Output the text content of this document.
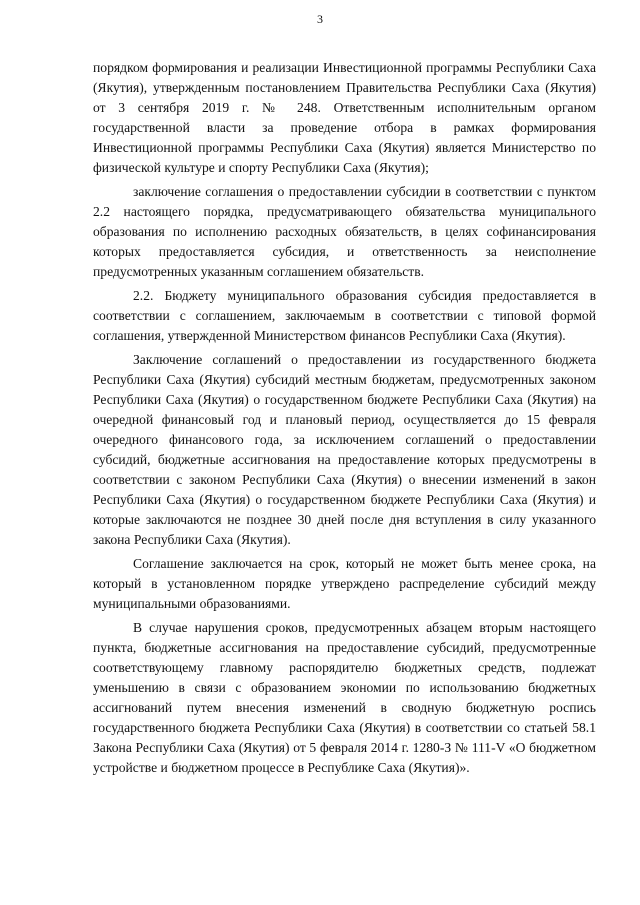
3

порядком формирования и реализации Инвестиционной программы Республики Саха (Якутия), утвержденным постановлением Правительства Республики Саха (Якутия) от 3 сентября 2019 г. № 248. Ответственным исполнительным органом государственной власти за проведение отбора в рамках формирования Инвестиционной программы Республики Саха (Якутия) является Министерство по физической культуре и спорту Республики Саха (Якутия);

заключение соглашения о предоставлении субсидии в соответствии с пунктом 2.2 настоящего порядка, предусматривающего обязательства муниципального образования по исполнению расходных обязательств, в целях софинансирования которых предоставляется субсидия, и ответственность за неисполнение предусмотренных указанным соглашением обязательств.

2.2. Бюджету муниципального образования субсидия предоставляется в соответствии с соглашением, заключаемым в соответствии с типовой формой соглашения, утвержденной Министерством финансов Республики Саха (Якутия).

Заключение соглашений о предоставлении из государственного бюджета Республики Саха (Якутия) субсидий местным бюджетам, предусмотренных законом Республики Саха (Якутия) о государственном бюджете Республики Саха (Якутия) на очередной финансовый год и плановый период, осуществляется до 15 февраля очередного финансового года, за исключением соглашений о предоставлении субсидий, бюджетные ассигнования на предоставление которых предусмотрены в соответствии с законом Республики Саха (Якутия) о внесении изменений в закон Республики Саха (Якутия) о государственном бюджете Республики Саха (Якутия) и которые заключаются не позднее 30 дней после дня вступления в силу указанного закона Республики Саха (Якутия).

Соглашение заключается на срок, который не может быть менее срока, на который в установленном порядке утверждено распределение субсидий между муниципальными образованиями.

В случае нарушения сроков, предусмотренных абзацем вторым настоящего пункта, бюджетные ассигнования на предоставление субсидий, предусмотренные соответствующему главному распорядителю бюджетных средств, подлежат уменьшению в связи с образованием экономии по использованию бюджетных ассигнований путем внесения изменений в сводную бюджетную роспись государственного бюджета Республики Саха (Якутия) в соответствии со статьей 58.1 Закона Республики Саха (Якутия) от 5 февраля 2014 г. 1280-З № 111-V «О бюджетном устройстве и бюджетном процессе в Республике Саха (Якутия)».
